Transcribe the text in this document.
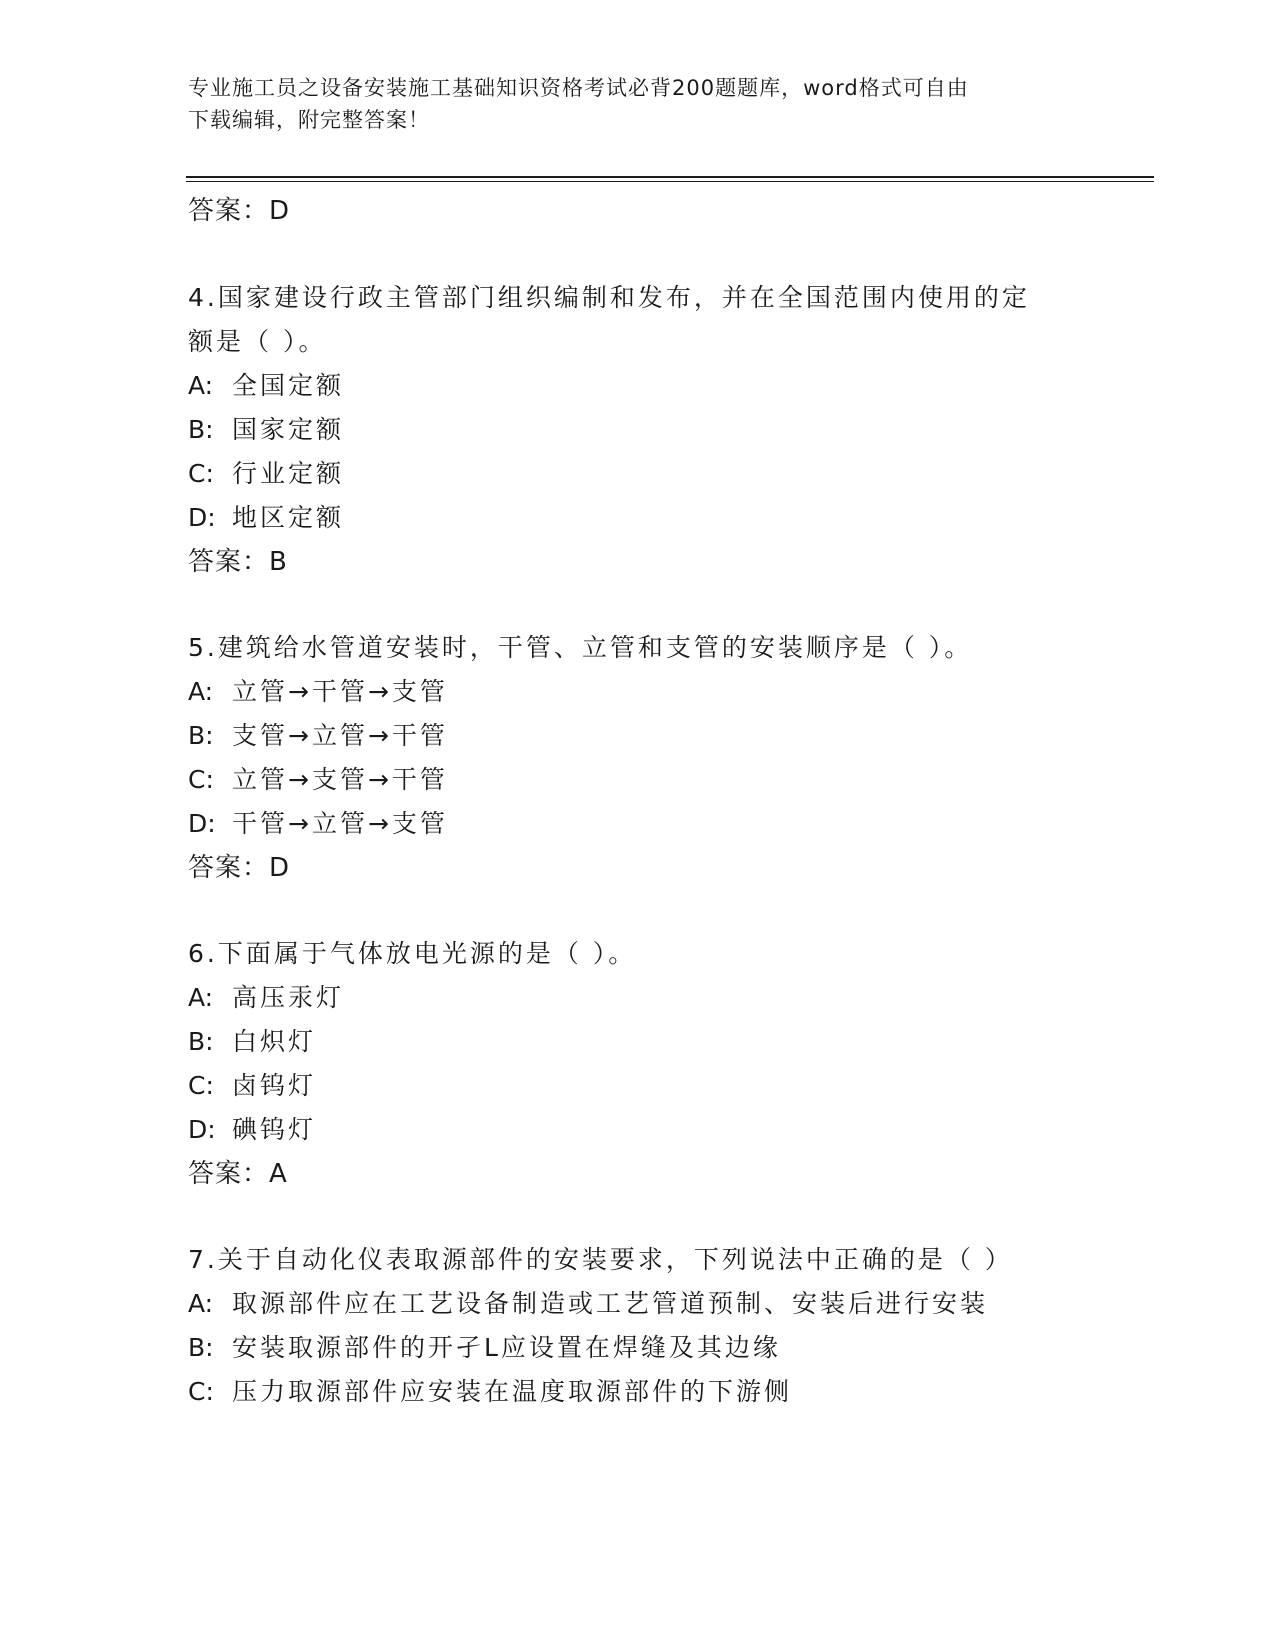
专业施工员之设备安装施工基础知识资格考试必背200题题库，word格式可自由
下载编辑，附完整答案！
答案：D
4.国家建设行政主管部门组织编制和发布，并在全国范围内使用的定
额是（ ）。
A: 全国定额
B: 国家定额
C: 行业定额
D: 地区定额
答案：B
5.建筑给水管道安装时，干管、立管和支管的安装顺序是（ ）。
A: 立管→干管→支管
B: 支管→立管→干管
C: 立管→支管→干管
D: 干管→立管→支管
答案：D
6.下面属于气体放电光源的是（ ）。
A: 高压汞灯
B: 白炽灯
C: 卤钨灯
D: 碘钨灯
答案：A
7.关于自动化仪表取源部件的安装要求，下列说法中正确的是（ ）
A: 取源部件应在工艺设备制造或工艺管道预制、安装后进行安装
B: 安装取源部件的开孑L应设置在焊缝及其边缘
C: 压力取源部件应安装在温度取源部件的下游侧
